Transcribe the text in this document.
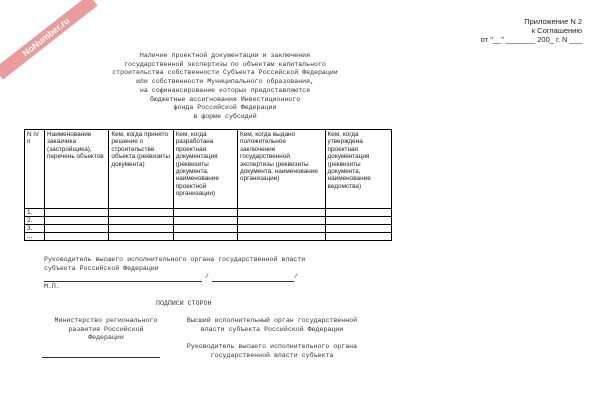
NoNumber.ru	Приложение N 2
к Соглашению
от "__" _______ 200_ г. N ___
Наличие проектной документации и заключения
государственной экспертизы по объектам капитального
строительства собственности Субъекта Российской Федерации
или собственности Муниципального образования,
на софинансирование которых предоставляются
бюджетные ассигнования Инвестиционного
фонда Российской Федерации
в форме субсидий
N п/п	Наименование заказчика (застройщика), перечень объектов	Кем, когда принято решение о строительстве объекта (реквизиты документа)	Кем, когда разработана проектная документация (реквизиты документа, наименование проектной организации)	Кем, когда выдано положительное заключение государственной экспертизы (реквизиты документа, наименование организации)	Кем, когда утверждена проектная документация (реквизиты документа, наименование ведомства)
1.					
2.					
3.					
...					
Руководитель высшего исполнительного органа государственной власти
субъекта Российской Федерации
/	/
М.П.
ПОДПИСИ СТОРОН
Министерство регионального
развития Российской
Федерации
Высший исполнительный орган государственной
власти субъекта Российской Федерации
Руководитель высшего исполнительного органа
государственной власти субъекта
